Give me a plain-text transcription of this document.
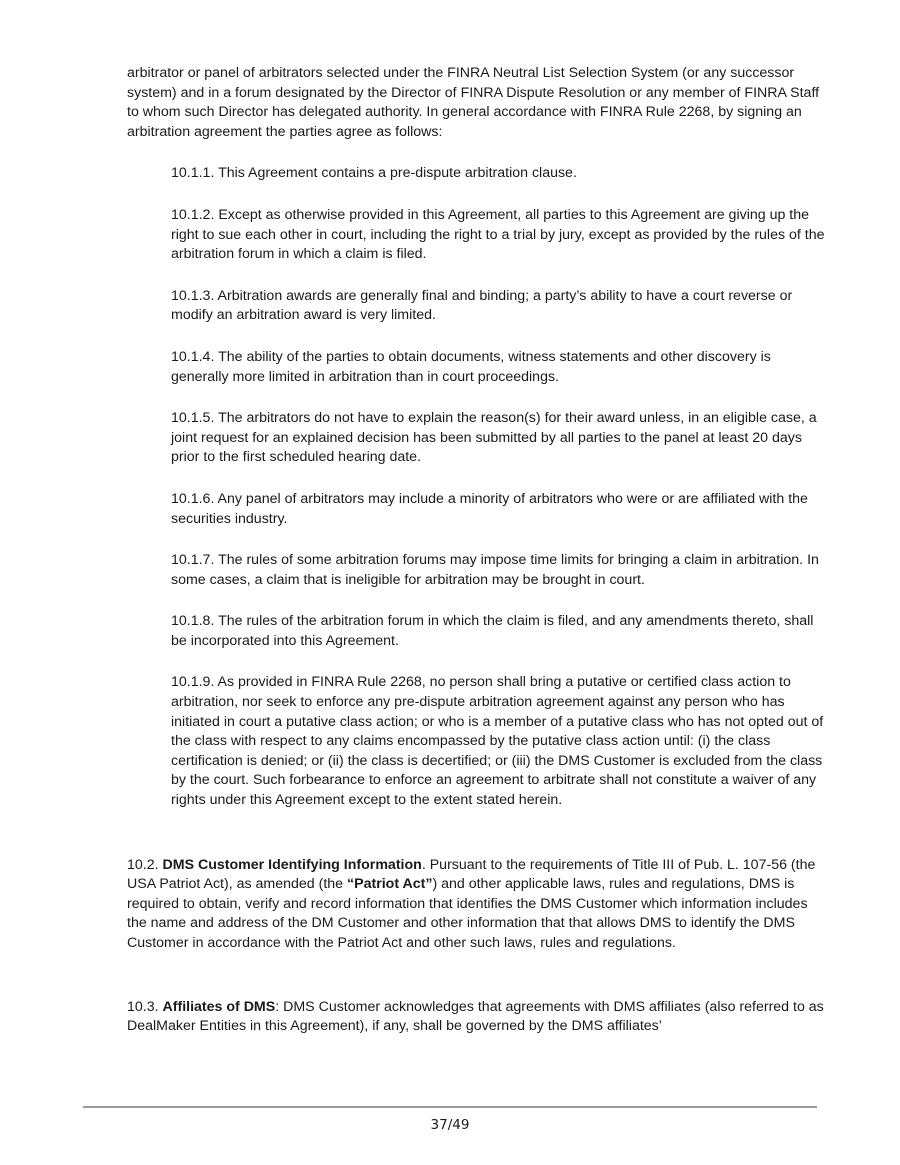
arbitrator or panel of arbitrators selected under the FINRA Neutral List Selection System (or any successor system) and in a forum designated by the Director of FINRA Dispute Resolution or any member of FINRA Staff to whom such Director has delegated authority. In general accordance with FINRA Rule 2268, by signing an arbitration agreement the parties agree as follows:

10.1.1. This Agreement contains a pre-dispute arbitration clause.

10.1.2. Except as otherwise provided in this Agreement, all parties to this Agreement are giving up the right to sue each other in court, including the right to a trial by jury, except as provided by the rules of the arbitration forum in which a claim is filed.

10.1.3. Arbitration awards are generally final and binding; a party’s ability to have a court reverse or modify an arbitration award is very limited.

10.1.4. The ability of the parties to obtain documents, witness statements and other discovery is generally more limited in arbitration than in court proceedings.

10.1.5. The arbitrators do not have to explain the reason(s) for their award unless, in an eligible case, a joint request for an explained decision has been submitted by all parties to the panel at least 20 days prior to the first scheduled hearing date.

10.1.6. Any panel of arbitrators may include a minority of arbitrators who were or are affiliated with the securities industry.

10.1.7. The rules of some arbitration forums may impose time limits for bringing a claim in arbitration. In some cases, a claim that is ineligible for arbitration may be brought in court.

10.1.8. The rules of the arbitration forum in which the claim is filed, and any amendments thereto, shall be incorporated into this Agreement.

10.1.9. As provided in FINRA Rule 2268, no person shall bring a putative or certified class action to arbitration, nor seek to enforce any pre-dispute arbitration agreement against any person who has initiated in court a putative class action; or who is a member of a putative class who has not opted out of the class with respect to any claims encompassed by the putative class action until: (i) the class certification is denied; or (ii) the class is decertified; or (iii) the DMS Customer is excluded from the class by the court. Such forbearance to enforce an agreement to arbitrate shall not constitute a waiver of any rights under this Agreement except to the extent stated herein.

10.2. DMS Customer Identifying Information. Pursuant to the requirements of Title III of Pub. L. 107-56 (the USA Patriot Act), as amended (the “Patriot Act”) and other applicable laws, rules and regulations, DMS is required to obtain, verify and record information that identifies the DMS Customer which information includes the name and address of the DM Customer and other information that that allows DMS to identify the DMS Customer in accordance with the Patriot Act and other such laws, rules and regulations.

10.3. Affiliates of DMS: DMS Customer acknowledges that agreements with DMS affiliates (also referred to as DealMaker Entities in this Agreement), if any, shall be governed by the DMS affiliates’

37/49
